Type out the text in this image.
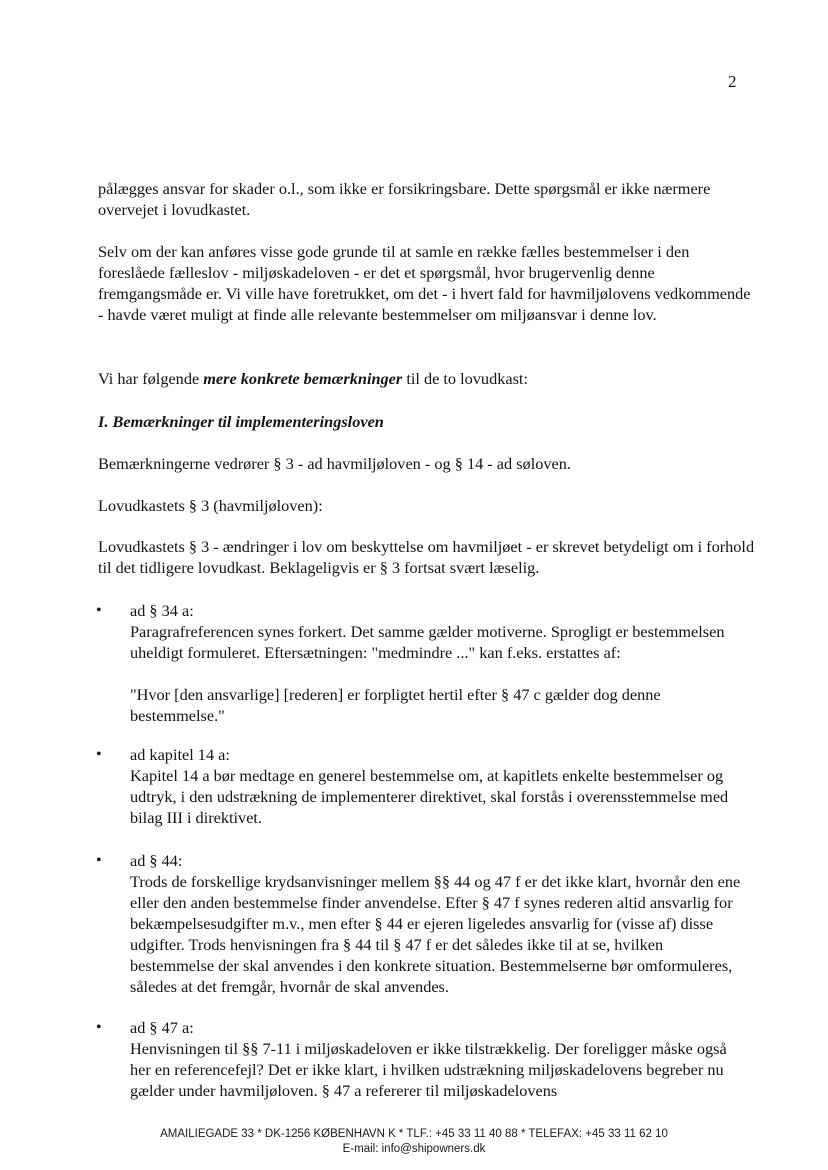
2

pålægges ansvar for skader o.l., som ikke er forsikringsbare. Dette spørgsmål er ikke nærmere overvejet i lovudkastet.

Selv om der kan anføres visse gode grunde til at samle en række fælles bestemmelser i den foreslåede fælleslov - miljøskadeloven - er det et spørgsmål, hvor brugervenlig denne fremgangsmåde er. Vi ville have foretrukket, om det - i hvert fald for havmiljølovens vedkommende - havde været muligt at finde alle relevante bestemmelser om miljøansvar i denne lov.

Vi har følgende mere konkrete bemærkninger til de to lovudkast:

I. Bemærkninger til implementeringsloven

Bemærkningerne vedrører § 3 - ad havmiljøloven - og § 14 - ad søloven.

Lovudkastets § 3 (havmiljøloven):

Lovudkastets § 3 - ændringer i lov om beskyttelse om havmiljøet - er skrevet betydeligt om i forhold til det tidligere lovudkast. Beklageligvis er § 3 fortsat svært læselig.

• ad § 34 a:

Paragrafreferencen synes forkert. Det samme gælder motiverne. Sprogligt er bestemmelsen uheldigt formuleret. Eftersætningen: "medmindre ..." kan f.eks. erstattes af:

"Hvor [den ansvarlige] [rederen] er forpligtet hertil efter § 47 c gælder dog denne bestemmelse."

• ad kapitel 14 a:

Kapitel 14 a bør medtage en generel bestemmelse om, at kapitlets enkelte bestemmelser og udtryk, i den udstrækning de implementerer direktivet, skal forstås i overensstemmelse med bilag III i direktivet.

• ad § 44:

Trods de forskellige krydsanvisninger mellem §§ 44 og 47 f er det ikke klart, hvornår den ene eller den anden bestemmelse finder anvendelse. Efter § 47 f synes rederen altid ansvarlig for bekæmpelsesudgifter m.v., men efter § 44 er ejeren ligeledes ansvarlig for (visse af) disse udgifter. Trods henvisningen fra § 44 til § 47 f er det således ikke til at se, hvilken bestemmelse der skal anvendes i den konkrete situation. Bestemmelserne bør omformuleres, således at det fremgår, hvornår de skal anvendes.

• ad § 47 a:

Henvisningen til §§ 7-11 i miljøskadeloven er ikke tilstrækkelig. Der foreligger måske også her en referencefejl? Det er ikke klart, i hvilken udstrækning miljøskadelovens begreber nu gælder under havmiljøloven. § 47 a refererer til miljøskadelovens

AMAILIEGADE 33 * DK-1256 KØBENHAVN K * TLF.: +45 33 11 40 88 * TELEFAX: +45 33 11 62 10
E-mail: info@shipowners.dk
